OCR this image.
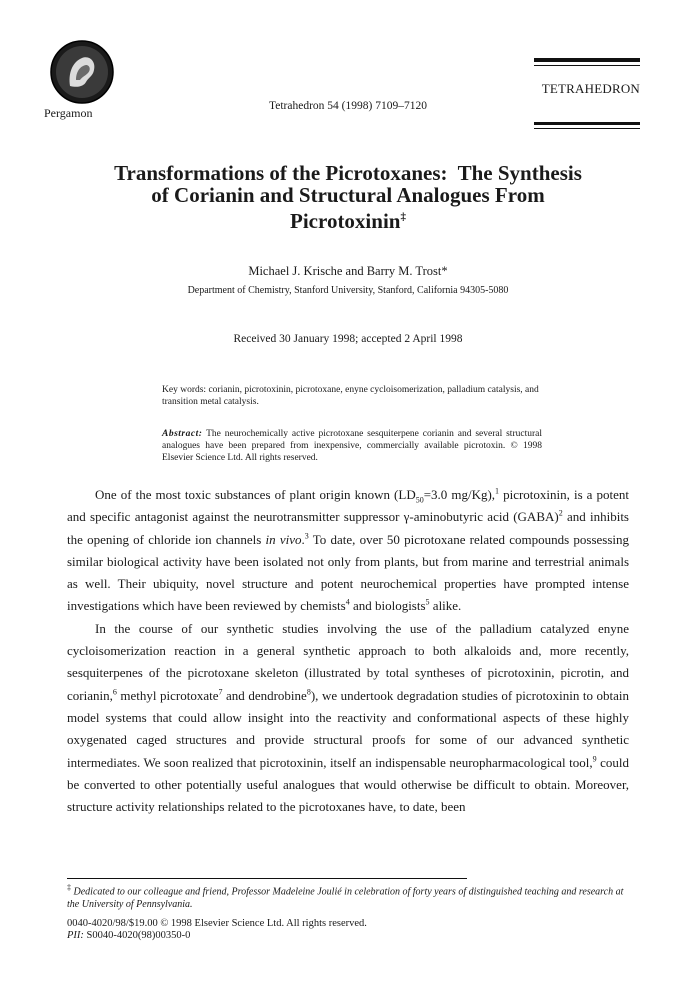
Pergamon	Tetrahedron 54 (1998) 7109–7120
TETRAHEDRON
Transformations of the Picrotoxanes:  The Synthesis
of Corianin and Structural Analogues From
Picrotoxinin‡
Michael J. Krische and Barry M. Trost*
Department of Chemistry, Stanford University, Stanford, California 94305-5080
Received 30 January 1998; accepted 2 April 1998
Key words: corianin, picrotoxinin, picrotoxane, enyne cycloisomerization, palladium catalysis, and transition metal catalysis.
Abstract: The neurochemically active picrotoxane sesquiterpene corianin and several structural analogues have been prepared from inexpensive, commercially available picrotoxin. © 1998 Elsevier Science Ltd. All rights reserved.

One of the most toxic substances of plant origin known ($LD_{50}=3.0$ mg/Kg),$^1$ picrotoxinin, is a potent and specific antagonist against the neurotransmitter suppressor γ-aminobutyric acid (GABA)$^2$ and inhibits the opening of chloride ion channels in vivo.$^3$ To date, over 50 picrotoxane related compounds possessing similar biological activity have been isolated not only from plants, but from marine and terrestrial animals as well. Their ubiquity, novel structure and potent neurochemical properties have prompted intense investigations which have been reviewed by chemists$^4$ and biologists$^5$ alike.

In the course of our synthetic studies involving the use of the palladium catalyzed enyne cycloisomerization reaction in a general synthetic approach to both alkaloids and, more recently, sesquiterpenes of the picrotoxane skeleton (illustrated by total syntheses of picrotoxinin, picrotin, and corianin,$^6$ methyl picrotoxate$^7$ and dendrobine$^8$), we undertook degradation studies of picrotoxinin to obtain model systems that could allow insight into the reactivity and conformational aspects of these highly oxygenated caged structures and provide structural proofs for some of our advanced synthetic intermediates. We soon realized that picrotoxinin, itself an indispensable neuropharmacological tool,$^9$ could be converted to other potentially useful analogues that would otherwise be difficult to obtain. Moreover, structure activity relationships related to the picrotoxanes have, to date, been

‡ Dedicated to our colleague and friend, Professor Madeleine Joulié in celebration of forty years of distinguished teaching and research at the University of Pennsylvania.
0040-4020/98/$19.00 © 1998 Elsevier Science Ltd. All rights reserved.
PII: S0040-4020(98)00350-0
